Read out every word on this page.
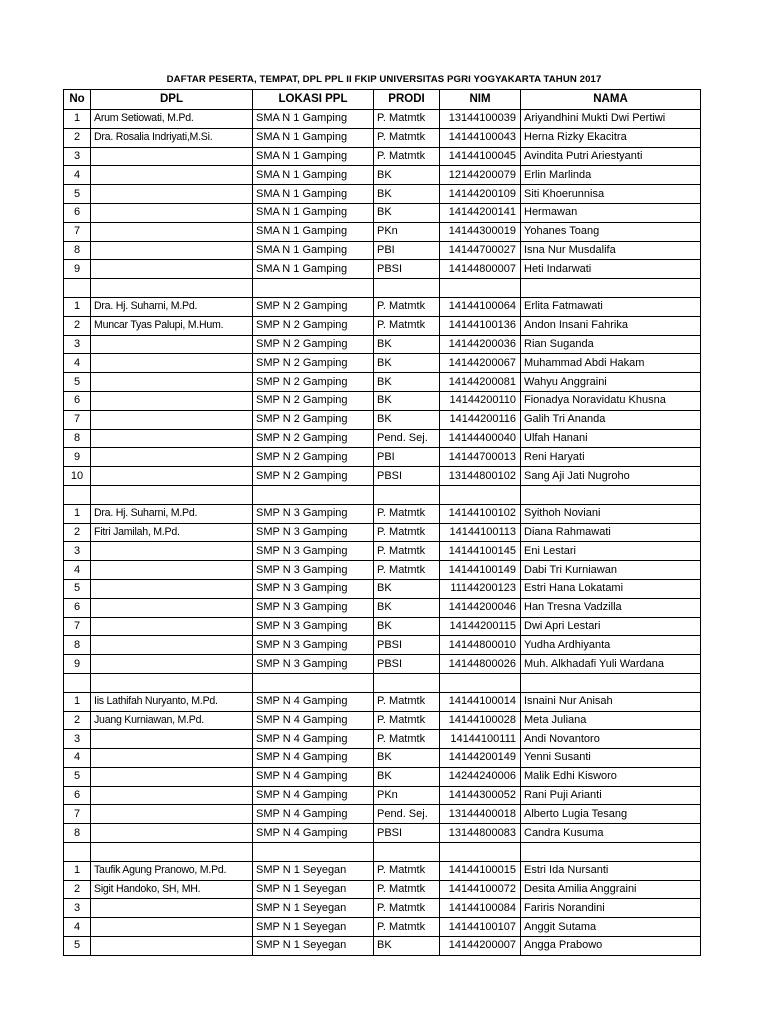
DAFTAR PESERTA, TEMPAT, DPL PPL II FKIP UNIVERSITAS PGRI YOGYAKARTA TAHUN 2017
No	DPL	LOKASI PPL	PRODI	NIM	NAMA
1	Arum Setiowati, M.Pd.	SMA N 1 Gamping	P. Matmtk	13144100039	Ariyandhini Mukti Dwi Pertiwi
2	Dra. Rosalia Indriyati,M.Si.	SMA N 1 Gamping	P. Matmtk	14144100043	Herna Rizky Ekacitra
3		SMA N 1 Gamping	P. Matmtk	14144100045	Avindita Putri Ariestyanti
4		SMA N 1 Gamping	BK	12144200079	Erlin Marlinda
5		SMA N 1 Gamping	BK	14144200109	Siti Khoerunnisa
6		SMA N 1 Gamping	BK	14144200141	Hermawan
7		SMA N 1 Gamping	PKn	14144300019	Yohanes Toang
8		SMA N 1 Gamping	PBI	14144700027	Isna Nur Musdalifa
9		SMA N 1 Gamping	PBSI	14144800007	Heti Indarwati

1	Dra. Hj. Suharni, M.Pd.	SMP N 2 Gamping	P. Matmtk	14144100064	Erlita Fatmawati
2	Muncar Tyas Palupi, M.Hum.	SMP N 2 Gamping	P. Matmtk	14144100136	Andon Insani Fahrika
3		SMP N 2 Gamping	BK	14144200036	Rian Suganda
4		SMP N 2 Gamping	BK	14144200067	Muhammad Abdi Hakam
5		SMP N 2 Gamping	BK	14144200081	Wahyu Anggraini
6		SMP N 2 Gamping	BK	14144200110	Fionadya Noravidatu Khusna
7		SMP N 2 Gamping	BK	14144200116	Galih Tri Ananda
8		SMP N 2 Gamping	Pend. Sej.	14144400040	Ulfah Hanani
9		SMP N 2 Gamping	PBI	14144700013	Reni Haryati
10		SMP N 2 Gamping	PBSI	13144800102	Sang Aji Jati Nugroho

1	Dra. Hj. Suharni, M.Pd.	SMP N 3 Gamping	P. Matmtk	14144100102	Syithoh Noviani
2	Fitri Jamilah, M.Pd.	SMP N 3 Gamping	P. Matmtk	14144100113	Diana Rahmawati
3		SMP N 3 Gamping	P. Matmtk	14144100145	Eni Lestari
4		SMP N 3 Gamping	P. Matmtk	14144100149	Dabi Tri Kurniawan
5		SMP N 3 Gamping	BK	11144200123	Estri Hana Lokatami
6		SMP N 3 Gamping	BK	14144200046	Han Tresna Vadzilla
7		SMP N 3 Gamping	BK	14144200115	Dwi Apri Lestari
8		SMP N 3 Gamping	PBSI	14144800010	Yudha Ardhiyanta
9		SMP N 3 Gamping	PBSI	14144800026	Muh. Alkhadafi Yuli Wardana

1	Iis Lathifah Nuryanto, M.Pd.	SMP N 4 Gamping	P. Matmtk	14144100014	Isnaini Nur Anisah
2	Juang Kurniawan, M.Pd.	SMP N 4 Gamping	P. Matmtk	14144100028	Meta Juliana
3		SMP N 4 Gamping	P. Matmtk	14144100111	Andi Novantoro
4		SMP N 4 Gamping	BK	14144200149	Yenni Susanti
5		SMP N 4 Gamping	BK	14244240006	Malik Edhi Kisworo
6		SMP N 4 Gamping	PKn	14144300052	Rani Puji Arianti
7		SMP N 4 Gamping	Pend. Sej.	13144400018	Alberto Lugia Tesang
8		SMP N 4 Gamping	PBSI	13144800083	Candra Kusuma

1	Taufik Agung Pranowo, M.Pd.	SMP N 1 Seyegan	P. Matmtk	14144100015	Estri Ida Nursanti
2	Sigit Handoko, SH, MH.	SMP N 1 Seyegan	P. Matmtk	14144100072	Desita Amilia Anggraini
3		SMP N 1 Seyegan	P. Matmtk	14144100084	Fariris Norandini
4		SMP N 1 Seyegan	P. Matmtk	14144100107	Anggit Sutama
5		SMP N 1 Seyegan	BK	14144200007	Angga Prabowo
